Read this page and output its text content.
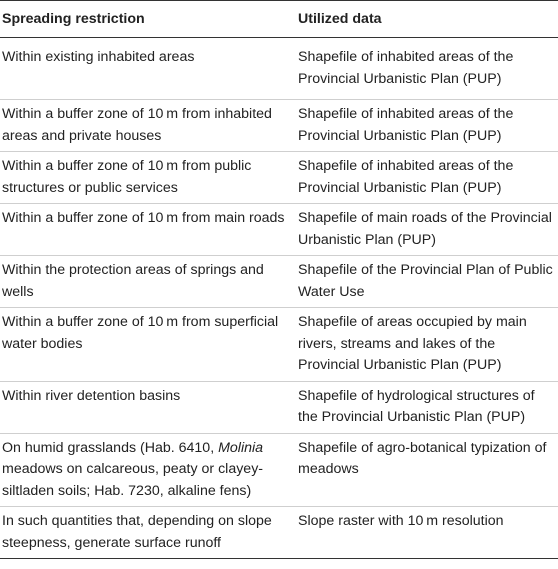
Spreading restriction	Utilized data
Within existing inhabited areas	Shapefile of inhabited areas of the Provincial Urbanistic Plan (PUP)
Within a buffer zone of 10 m from inhabited areas and private houses	Shapefile of inhabited areas of the Provincial Urbanistic Plan (PUP)
Within a buffer zone of 10 m from public structures or public services	Shapefile of inhabited areas of the Provincial Urbanistic Plan (PUP)
Within a buffer zone of 10 m from main roads	Shapefile of main roads of the Provincial Urbanistic Plan (PUP)
Within the protection areas of springs and wells	Shapefile of the Provincial Plan of Public Water Use
Within a buffer zone of 10 m from superficial water bodies	Shapefile of areas occupied by main rivers, streams and lakes of the Provincial Urbanistic Plan (PUP)
Within river detention basins	Shapefile of hydrological structures of the Provincial Urbanistic Plan (PUP)
On humid grasslands (Hab. 6410, Molinia meadows on calcareous, peaty or clayey-siltladen soils; Hab. 7230, alkaline fens)	Shapefile of agro-botanical typization of meadows
In such quantities that, depending on slope steepness, generate surface runoff	Slope raster with 10 m resolution
